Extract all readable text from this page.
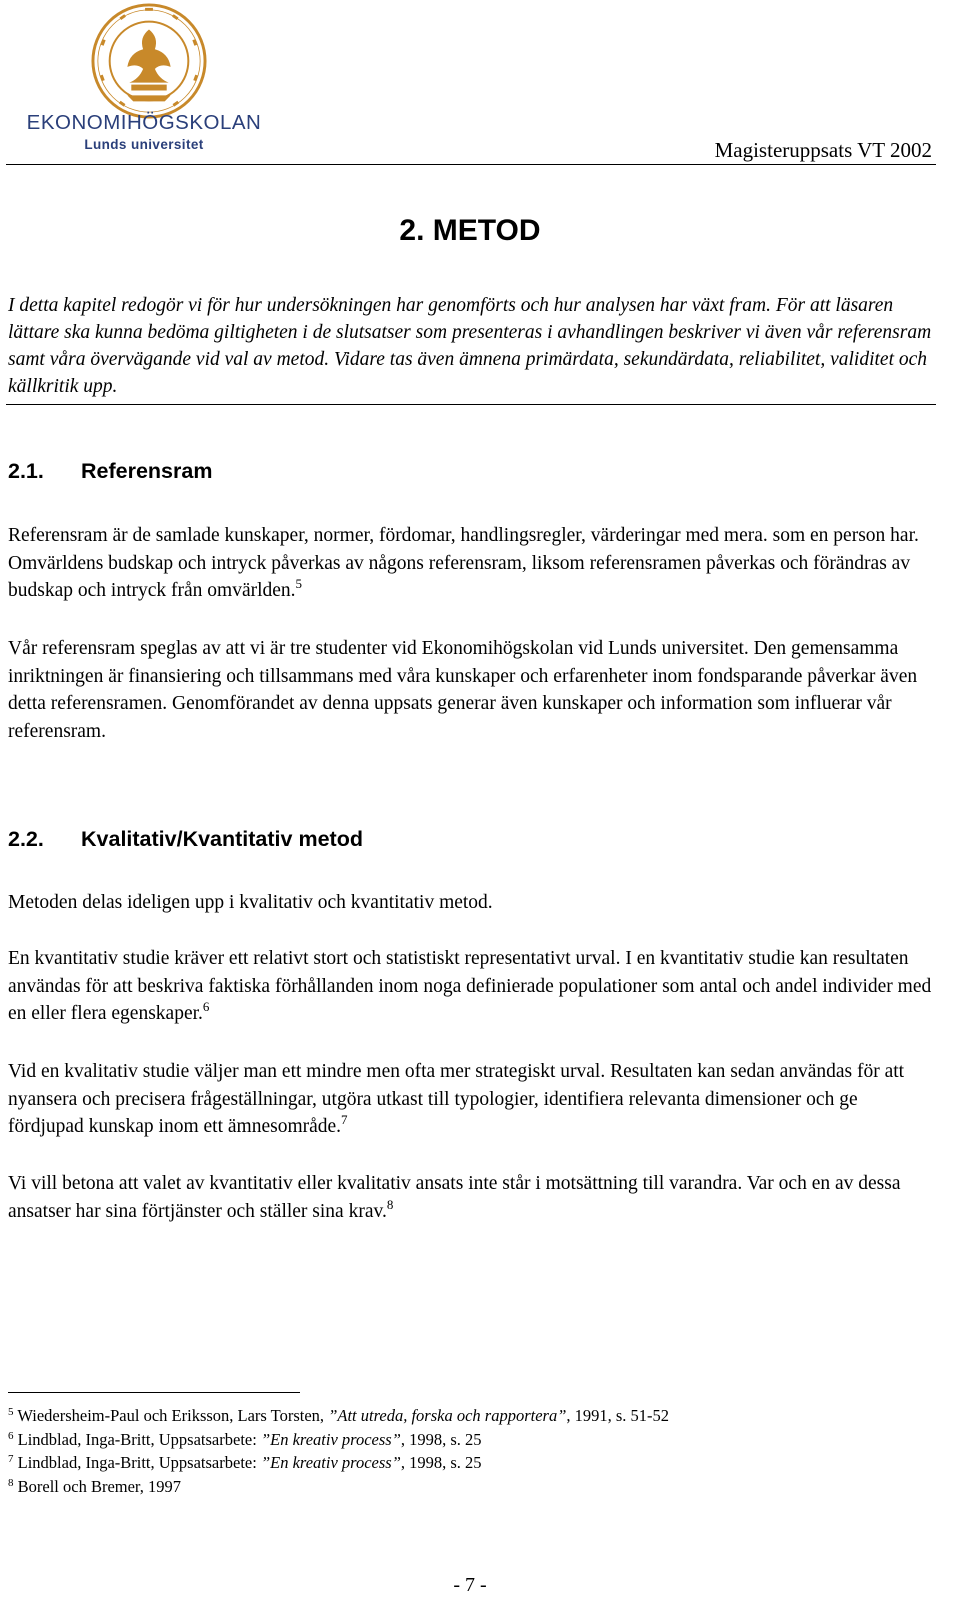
EKONOMIHÖGSKOLAN
Lunds universitet	Magisteruppsats VT 2002
2. METOD
I detta kapitel redogör vi för hur undersökningen har genomförts och hur analysen har växt fram. För att läsaren lättare ska kunna bedöma giltigheten i de slutsatser som presenteras i avhandlingen beskriver vi även vår referensram samt våra övervägande vid val av metod. Vidare tas även ämnena primärdata, sekundärdata, reliabilitet, validitet och källkritik upp.
2.1. Referensram
Referensram är de samlade kunskaper, normer, fördomar, handlingsregler, värderingar med mera. som en person har. Omvärldens budskap och intryck påverkas av någons referensram, liksom referensramen påverkas och förändras av budskap och intryck från omvärlden.$^5$
Vår referensram speglas av att vi är tre studenter vid Ekonomihögskolan vid Lunds universitet. Den gemensamma inriktningen är finansiering och tillsammans med våra kunskaper och erfarenheter inom fondsparande påverkar även detta referensramen. Genomförandet av denna uppsats generar även kunskaper och information som influerar vår referensram.
2.2. Kvalitativ/Kvantitativ metod
Metoden delas ideligen upp i kvalitativ och kvantitativ metod.
En kvantitativ studie kräver ett relativt stort och statistiskt representativt urval. I en kvantitativ studie kan resultaten användas för att beskriva faktiska förhållanden inom noga definierade populationer som antal och andel individer med en eller flera egenskaper.$^6$
Vid en kvalitativ studie väljer man ett mindre men ofta mer strategiskt urval. Resultaten kan sedan användas för att nyansera och precisera frågeställningar, utgöra utkast till typologier, identifiera relevanta dimensioner och ge fördjupad kunskap inom ett ämnesområde.$^7$
Vi vill betona att valet av kvantitativ eller kvalitativ ansats inte står i motsättning till varandra. Var och en av dessa ansatser har sina förtjänster och ställer sina krav.$^8$
$^5$ Wiedersheim-Paul och Eriksson, Lars Torsten, ”Att utreda, forska och rapportera”, 1991, s. 51-52
$^6$ Lindblad, Inga-Britt, Uppsatsarbete: ”En kreativ process”, 1998, s. 25
$^7$ Lindblad, Inga-Britt, Uppsatsarbete: ”En kreativ process”, 1998, s. 25
$^8$ Borell och Bremer, 1997
- 7 -
